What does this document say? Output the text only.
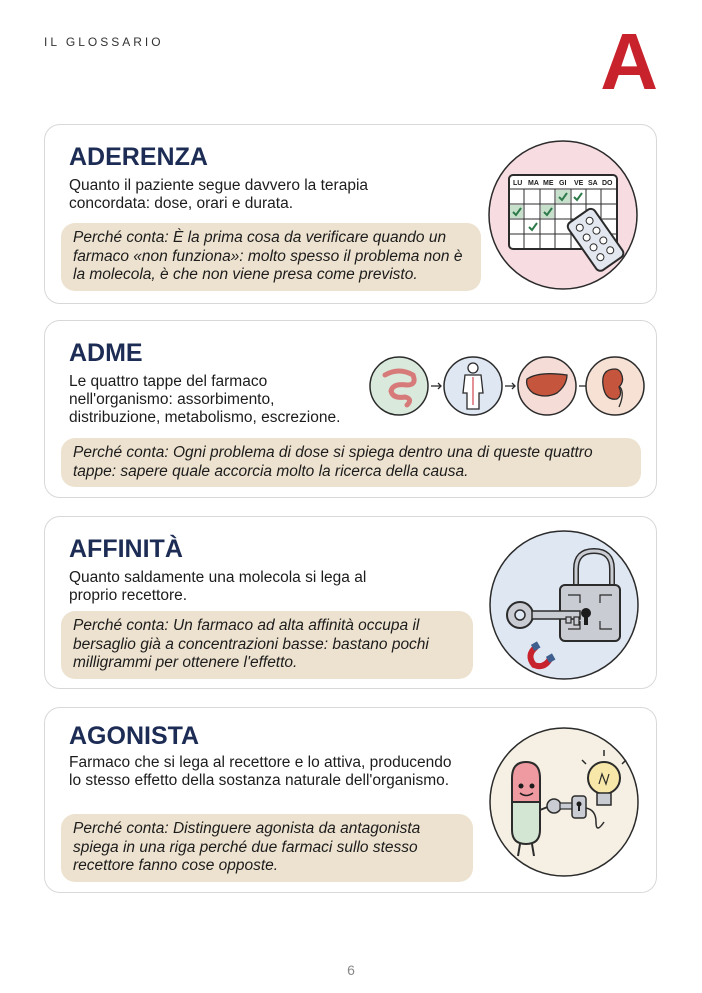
IL GLOSSARIO	A
ADERENZA
Quanto il paziente segue davvero la terapia concordata: dose, orari e durata.
Perché conta: È la prima cosa da verificare quando un farmaco «non funziona»: molto spesso il problema non è la molecola, è che non viene presa come previsto.
LU MA ME GI VE SA DO
ADME
Le quattro tappe del farmaco nell'organismo: assorbimento, distribuzione, metabolismo, escrezione.
Perché conta: Ogni problema di dose si spiega dentro una di queste quattro tappe: sapere quale accorcia molto la ricerca della causa.
AFFINITÀ
Quanto saldamente una molecola si lega al proprio recettore.
Perché conta: Un farmaco ad alta affinità occupa il bersaglio già a concentrazioni basse: bastano pochi milligrammi per ottenere l'effetto.
AGONISTA
Farmaco che si lega al recettore e lo attiva, producendo lo stesso effetto della sostanza naturale dell'organismo.
Perché conta: Distinguere agonista da antagonista spiega in una riga perché due farmaci sullo stesso recettore fanno cose opposte.
6
